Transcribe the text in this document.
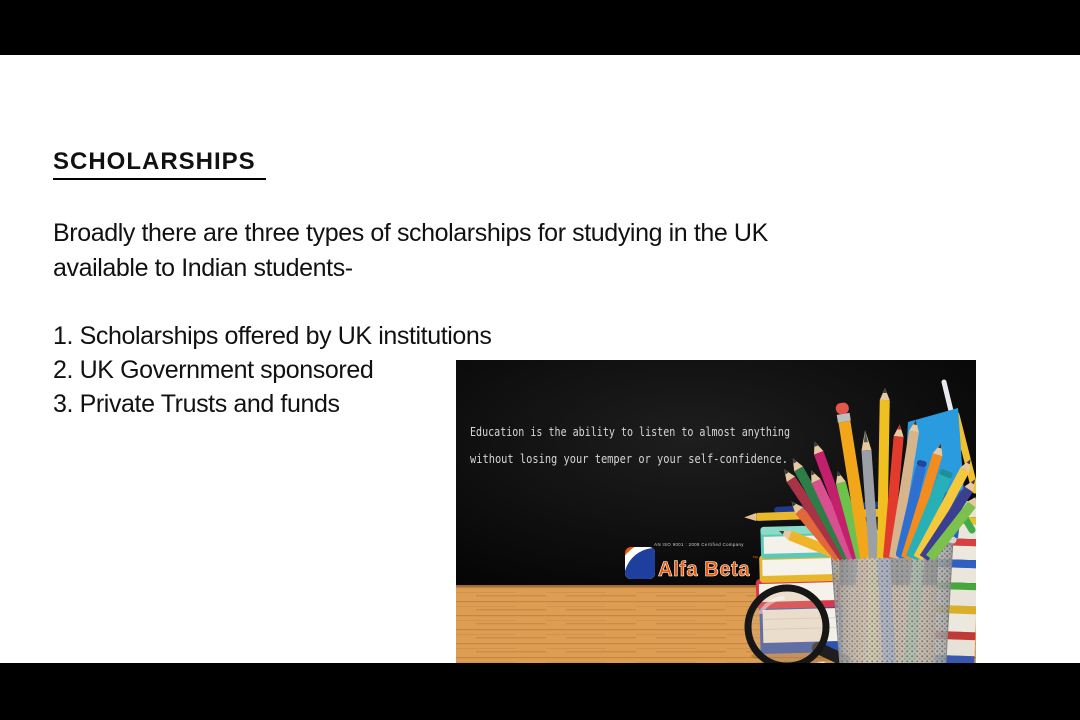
SCHOLARSHIPS
Broadly there are three types of scholarships for studying in the UK
available to Indian students-
1. Scholarships offered by UK institutions
2. UK Government sponsored
3. Private Trusts and funds
Education is the ability to listen to almost anything
without losing your temper or your self-confidence.
AN ISO 9001 : 2008 Certified Company
Alfa Beta ™
